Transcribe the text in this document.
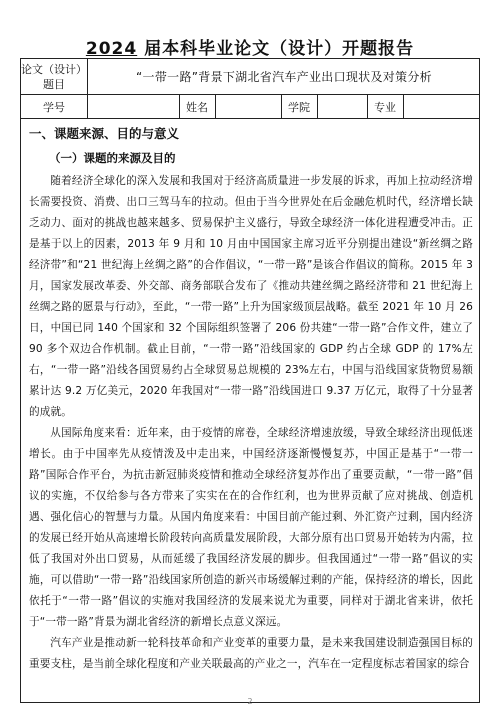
2024 届本科毕业论文（设计）开题报告
论文（设计）
题目	“一带一路”背景下湖北省汽车产业出口现状及对策分析
学号	姓名	学院	专业
一、课题来源、目的与意义
（一）课题的来源及目的

随着经济全球化的深入发展和我国对于经济高质量进一步发展的诉求，再加上拉动经济增长需要投资、消费、出口三驾马车的拉动。但由于当今世界处在后金融危机时代，经济增长缺乏动力、面对的挑战也越来越多、贸易保护主义盛行，导致全球经济一体化进程遭受冲击。正是基于以上的因素，2013 年 9 月和 10 月由中国国家主席习近平分别提出建设“新丝绸之路经济带”和“21 世纪海上丝绸之路”的合作倡议，“一带一路”是该合作倡议的简称。2015 年 3 月，国家发展改革委、外交部、商务部联合发布了《推动共建丝绸之路经济带和 21 世纪海上丝绸之路的愿景与行动》，至此，“一带一路”上升为国家级顶层战略。截至 2021 年 10 月 26 日，中国已同 140 个国家和 32 个国际组织签署了 206 份共建“一带一路”合作文件，建立了 90 多个双边合作机制。截止目前，“一带一路”沿线国家的 GDP 约占全球 GDP 的 17%左右，“一带一路”沿线各国贸易约占全球贸易总规模的 23%左右，中国与沿线国家货物贸易额累计达 9.2 万亿美元，2020 年我国对“一带一路”沿线国进口 9.37 万亿元，取得了十分显著的成就。

从国际角度来看：近年来，由于疫情的席卷，全球经济增速放缓，导致全球经济出现低迷增长。由于中国率先从疫情泼及中走出来，中国经济逐渐慢慢复苏，中国正是基于“一带一路”国际合作平台，为抗击新冠肺炎疫情和推动全球经济复苏作出了重要贡献，“一带一路”倡议的实施，不仅给参与各方带来了实实在在的合作红利，也为世界贡献了应对挑战、创造机遇、强化信心的智慧与力量。从国内角度来看：中国目前产能过剩、外汇资产过剩，国内经济的发展已经开始从高速增长阶段转向高质量发展阶段，大部分原有出口贸易开始转为内需，拉低了我国对外出口贸易，从而延缓了我国经济发展的脚步。但我国通过“一带一路”倡议的实施，可以借助“一带一路”沿线国家所创造的新兴市场缓解过剩的产能，保持经济的增长，因此依托于“一带一路”倡议的实施对我国经济的发展来说尤为重要，同样对于湖北省来讲，依托于“一带一路”背景为湖北省经济的新增长点意义深远。

汽车产业是推动新一轮科技革命和产业变革的重要力量，是未来我国建设制造强国目标的重要支柱，是当前全球化程度和产业关联最高的产业之一，汽车在一定程度标志着国家的综合

2
